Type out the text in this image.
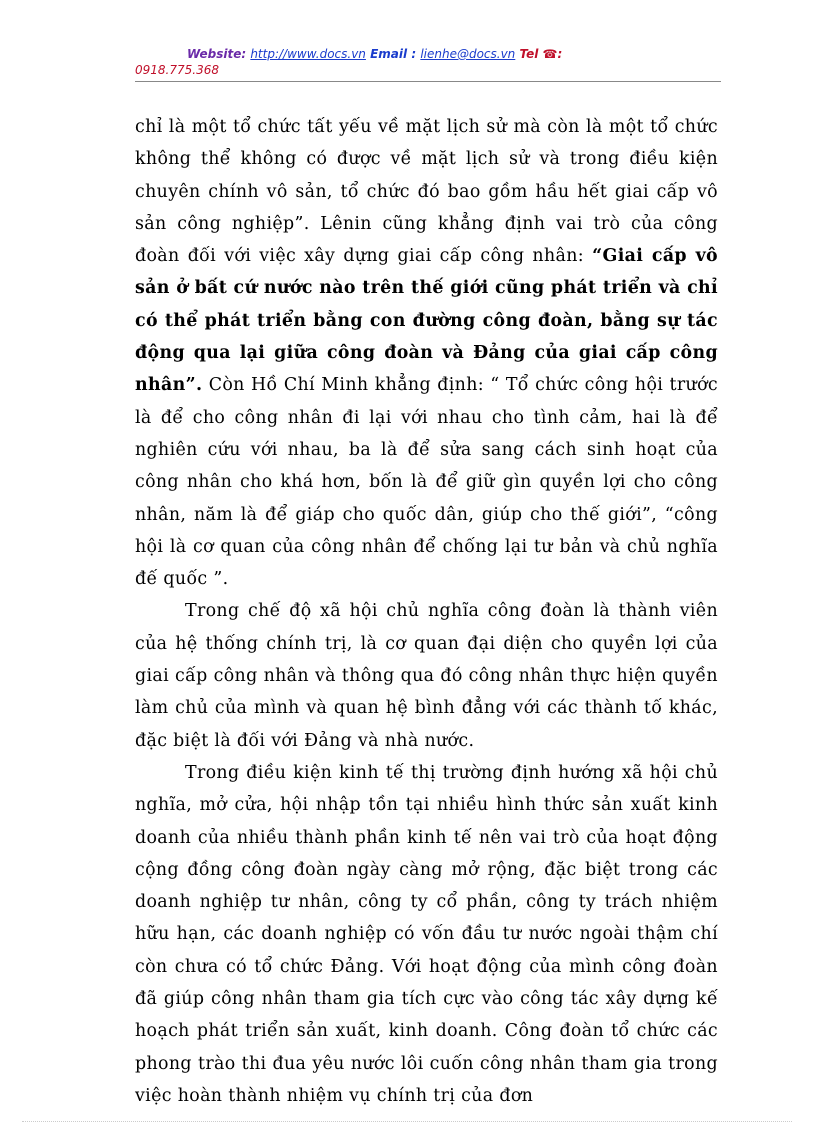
Website: http://www.docs.vn Email : lienhe@docs.vn Tel ☎:
0918.775.368

chỉ là một tổ chức tất yếu về mặt lịch sử mà còn là một tổ chức không thể không có được về mặt lịch sử và trong điều kiện chuyên chính vô sản, tổ chức đó bao gồm hầu hết giai cấp vô sản công nghiệp”. Lênin cũng khẳng định vai trò của công đoàn đối với việc xây dựng giai cấp công nhân: “Giai cấp vô sản ở bất cứ nước nào trên thế giới cũng phát triển và chỉ có thể phát triển bằng con đường công đoàn, bằng sự tác động qua lại giữa công đoàn và Đảng của giai cấp công nhân”. Còn Hồ Chí Minh khẳng định: “ Tổ chức công hội trước là để cho công nhân đi lại với nhau cho tình cảm, hai là để nghiên cứu với nhau, ba là để sửa sang cách sinh hoạt của công nhân cho khá hơn, bốn là để giữ gìn quyền lợi cho công nhân, năm là để giáp cho quốc dân, giúp cho thế giới”, “công hội là cơ quan của công nhân để chống lại tư bản và chủ nghĩa đế quốc ”.

Trong chế độ xã hội chủ nghĩa công đoàn là thành viên của hệ thống chính trị, là cơ quan đại diện cho quyền lợi của giai cấp công nhân và thông qua đó công nhân thực hiện quyền làm chủ của mình và quan hệ bình đẳng với các thành tố khác, đặc biệt là đối với Đảng và nhà nước.

Trong điều kiện kinh tế thị trường định hướng xã hội chủ nghĩa, mở cửa, hội nhập tồn tại nhiều hình thức sản xuất kinh doanh của nhiều thành phần kinh tế nên vai trò của hoạt động cộng đồng công đoàn ngày càng mở rộng, đặc biệt trong các doanh nghiệp tư nhân, công ty cổ phần, công ty trách nhiệm hữu hạn, các doanh nghiệp có vốn đầu tư nước ngoài thậm chí còn chưa có tổ chức Đảng. Với hoạt động của mình công đoàn đã giúp công nhân tham gia tích cực vào công tác xây dựng kế hoạch phát triển sản xuất, kinh doanh. Công đoàn tổ chức các phong trào thi đua yêu nước lôi cuốn công nhân tham gia trong việc hoàn thành nhiệm vụ chính trị của đơn
